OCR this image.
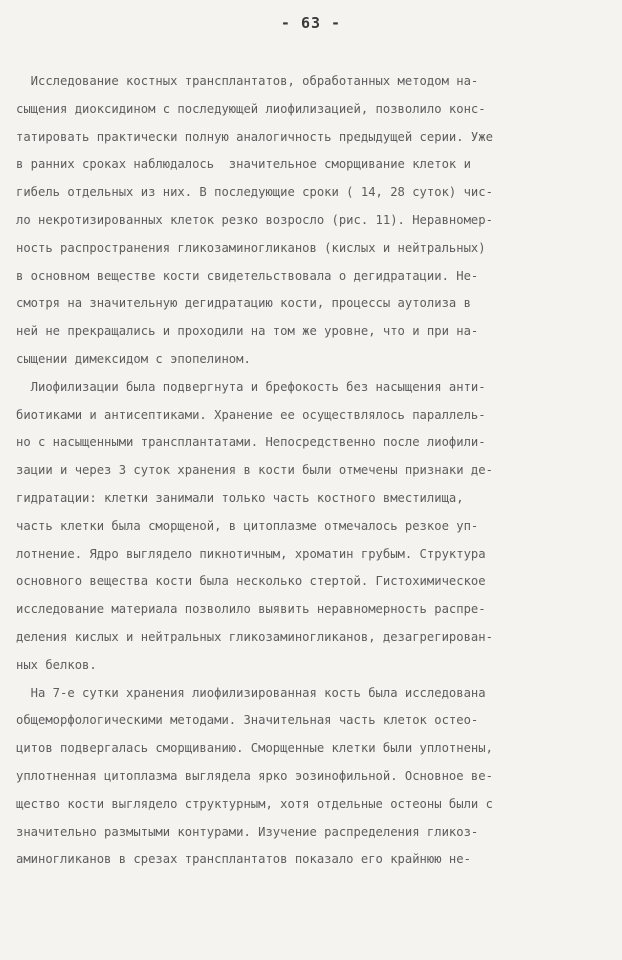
- 63 -
Исследование костных трансплантатов, обработанных методом на-
сыщения диоксидином с последующей лиофилизацией, позволило конс-
татировать практически полную аналогичность предыдущей серии. Уже
в ранних сроках наблюдалось  значительное сморщивание клеток и
гибель отдельных из них. В последующие сроки ( 14, 28 суток) чис-
ло некротизированных клеток резко возросло (рис. 11). Неравномер-
ность распространения гликозаминогликанов (кислых и нейтральных)
в основном веществе кости свидетельствовала о дегидратации. Не-
смотря на значительную дегидратацию кости, процессы аутолиза в
ней не прекращались и проходили на том же уровне, что и при на-
сыщении димексидом с эпопелином.
Лиофилизации была подвергнута и брефокость без насыщения анти-
биотиками и антисептиками. Хранение ее осуществлялось параллель-
но с насыщенными трансплантатами. Непосредственно после лиофили-
зации и через 3 суток хранения в кости были отмечены признаки де-
гидратации: клетки занимали только часть костного вместилища,
часть клетки была сморщеной, в цитоплазме отмечалось резкое уп-
лотнение. Ядро выглядело пикнотичным, хроматин грубым. Структура
основного вещества кости была несколько стертой. Гистохимическое
исследование материала позволило выявить неравномерность распре-
деления кислых и нейтральных гликозаминогликанов, дезагрегирован-
ных белков.
На 7-е сутки хранения лиофилизированная кость была исследована
общеморфологическими методами. Значительная часть клеток остео-
цитов подвергалась сморщиванию. Сморщенные клетки были уплотнены,
уплотненная цитоплазма выглядела ярко эозинофильной. Основное ве-
щество кости выглядело структурным, хотя отдельные остеоны были с
значительно размытыми контурами. Изучение распределения гликоз-
аминогликанов в срезах трансплантатов показало его крайнюю не-
